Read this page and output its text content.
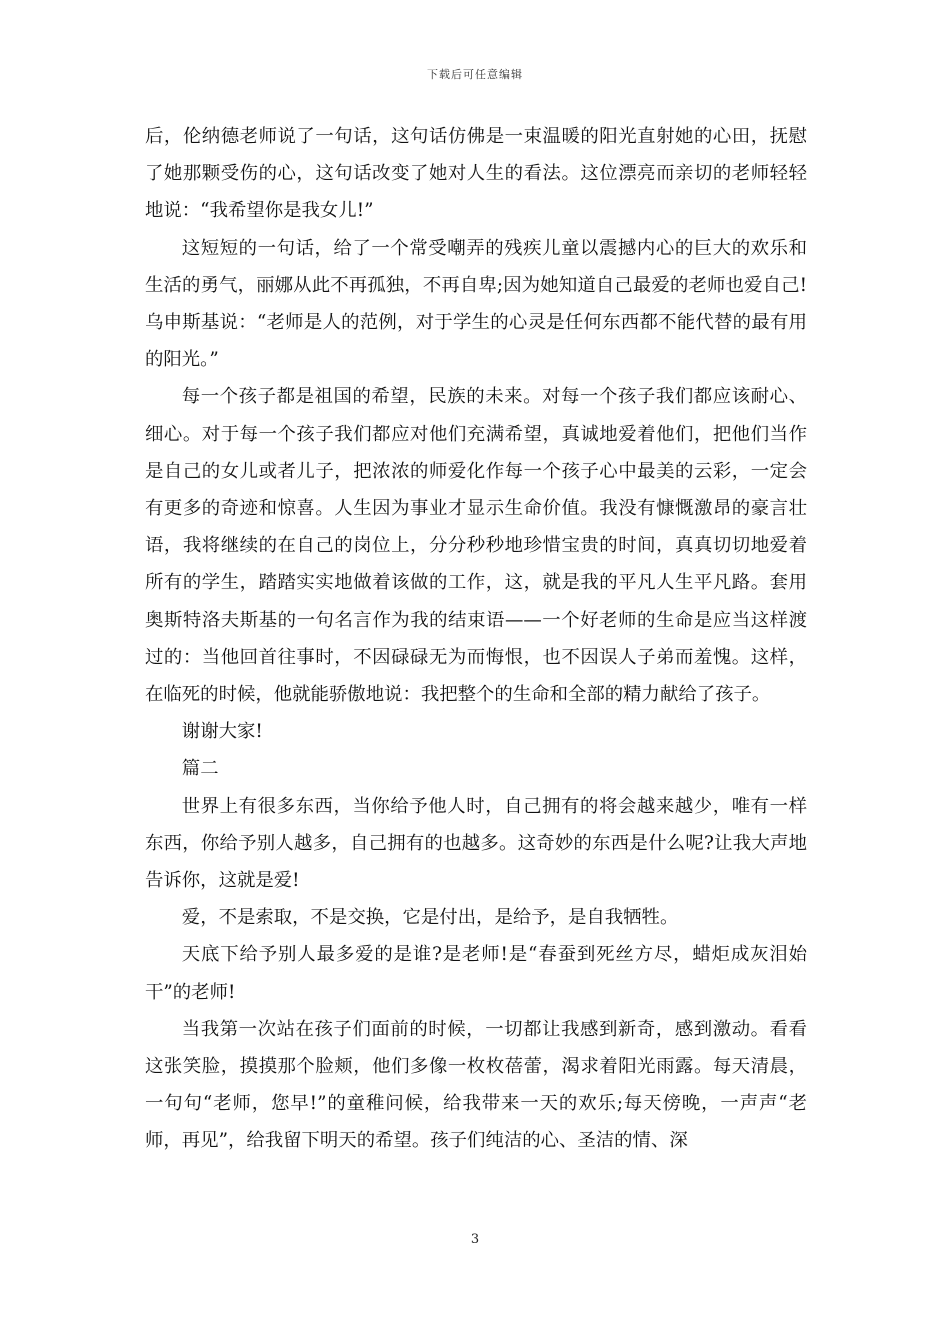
下载后可任意编辑

后，伦纳德老师说了一句话，这句话仿佛是一束温暖的阳光直射她的心田，抚慰了她那颗受伤的心，这句话改变了她对人生的看法。这位漂亮而亲切的老师轻轻地说：“我希望你是我女儿!”

这短短的一句话，给了一个常受嘲弄的残疾儿童以震撼内心的巨大的欢乐和生活的勇气，丽娜从此不再孤独，不再自卑;因为她知道自己最爱的老师也爱自己!乌申斯基说：“老师是人的范例，对于学生的心灵是任何东西都不能代替的最有用的阳光。”

每一个孩子都是祖国的希望，民族的未来。对每一个孩子我们都应该耐心、细心。对于每一个孩子我们都应对他们充满希望，真诚地爱着他们，把他们当作是自己的女儿或者儿子，把浓浓的师爱化作每一个孩子心中最美的云彩，一定会有更多的奇迹和惊喜。人生因为事业才显示生命价值。我没有慷慨激昂的豪言壮语，我将继续的在自己的岗位上，分分秒秒地珍惜宝贵的时间，真真切切地爱着所有的学生，踏踏实实地做着该做的工作，这，就是我的平凡人生平凡路。套用奥斯特洛夫斯基的一句名言作为我的结束语——一个好老师的生命是应当这样渡过的：当他回首往事时，不因碌碌无为而悔恨，也不因误人子弟而羞愧。这样，在临死的时候，他就能骄傲地说：我把整个的生命和全部的精力献给了孩子。

谢谢大家!

篇二

世界上有很多东西，当你给予他人时，自己拥有的将会越来越少，唯有一样东西，你给予别人越多，自己拥有的也越多。这奇妙的东西是什么呢?让我大声地告诉你，这就是爱!

爱，不是索取，不是交换，它是付出，是给予，是自我牺牲。

天底下给予别人最多爱的是谁?是老师!是“春蚕到死丝方尽，蜡炬成灰泪始干”的老师!

当我第一次站在孩子们面前的时候，一切都让我感到新奇，感到激动。看看这张笑脸，摸摸那个脸颊，他们多像一枚枚蓓蕾，渴求着阳光雨露。每天清晨，一句句“老师，您早!”的童稚问候，给我带来一天的欢乐;每天傍晚，一声声“老师，再见”，给我留下明天的希望。孩子们纯洁的心、圣洁的情、深

3
